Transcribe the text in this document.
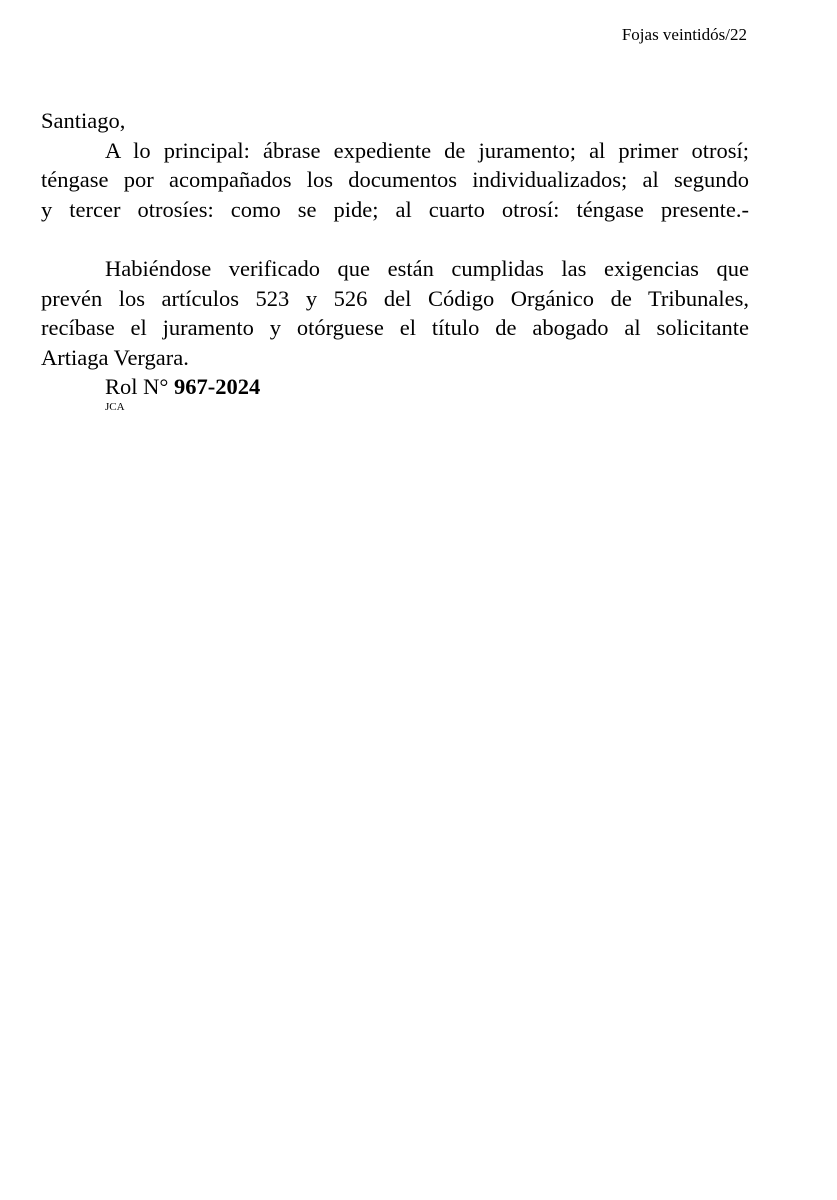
Fojas veintidós/22

Santiago,

A lo principal: ábrase expediente de juramento; al primer otrosí;
téngase por acompañados los documentos individualizados; al segundo
y tercer otrosíes: como se pide; al cuarto otrosí: téngase presente.-
Habiéndose verificado que están cumplidas las exigencias que
prevén los artículos 523 y 526 del Código Orgánico de Tribunales,
recíbase el juramento y otórguese el título de abogado al solicitante
Artiaga Vergara.

Rol N° 967-2024

JCA
